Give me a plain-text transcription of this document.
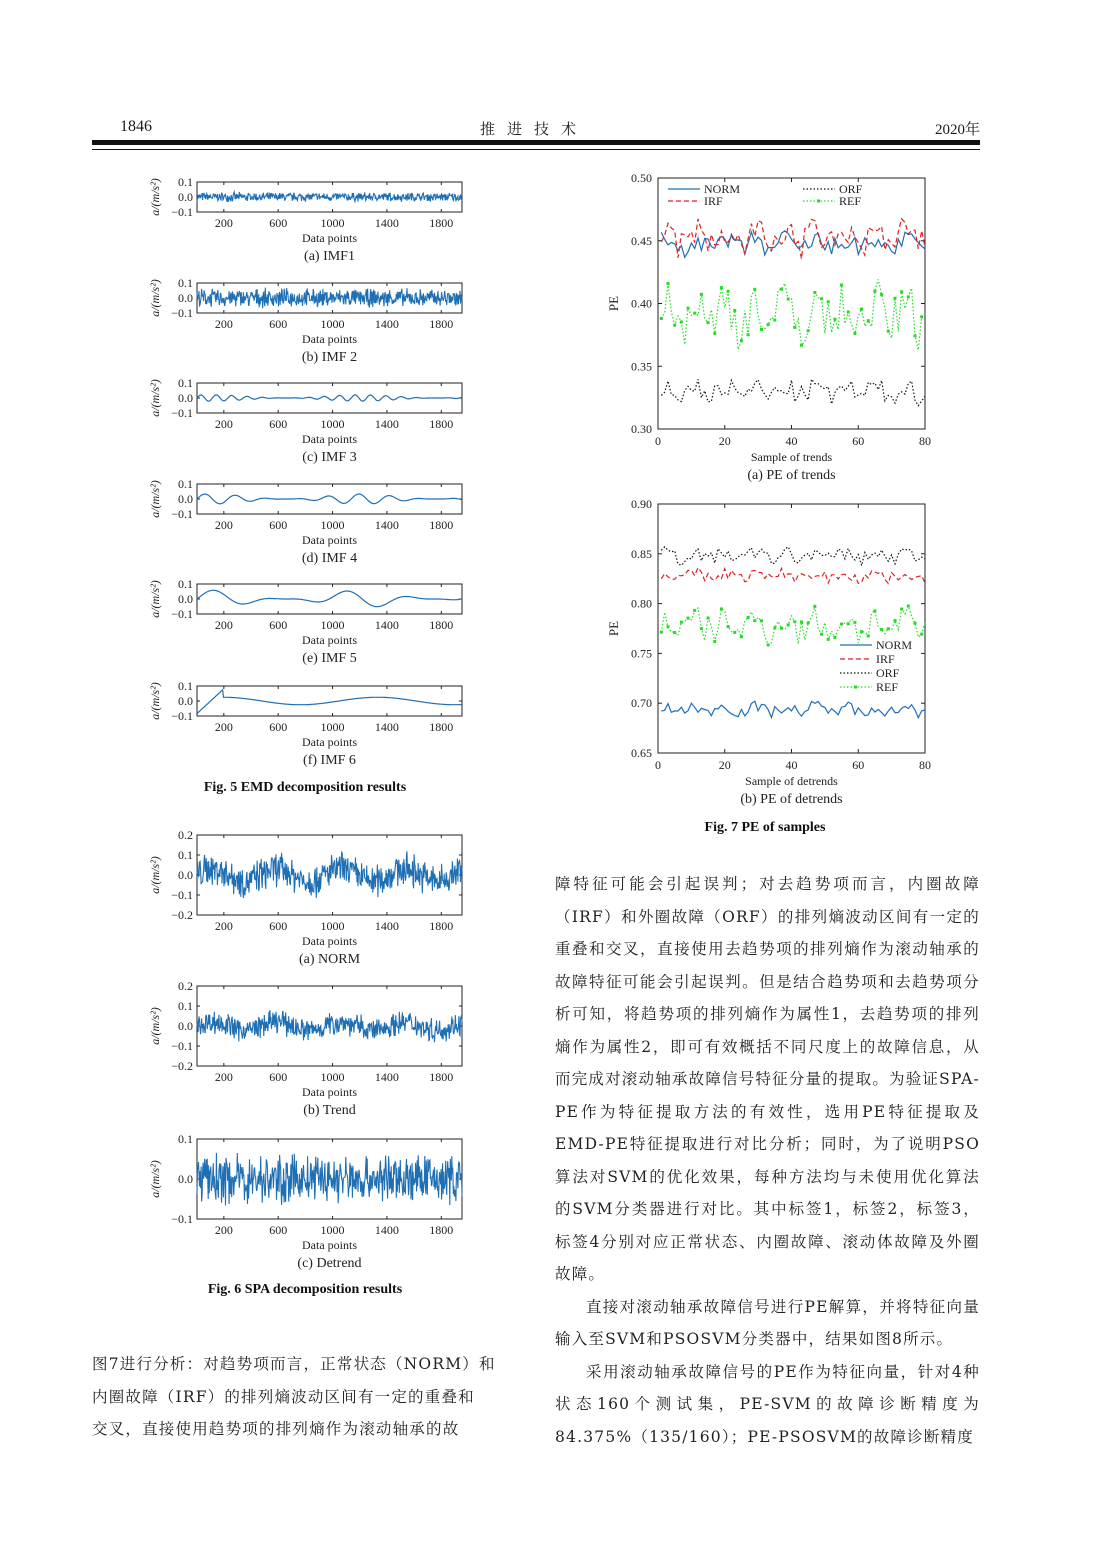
1846	推进技术	2020年
0.1
0.0
−0.1
200	600	1000	1400	1800
Data points
a/(m/s²)
(a) IMF1
0.1
0.0
−0.1
200	600	1000	1400	1800
Data points
a/(m/s²)
(b) IMF 2
0.1
0.0
−0.1
200	600	1000	1400	1800
Data points
a/(m/s²)
(c) IMF 3
0.1
0.0
−0.1
200	600	1000	1400	1800
Data points
a/(m/s²)
(d) IMF 4
0.1
0.0
−0.1
200	600	1000	1400	1800
Data points
a/(m/s²)
(e) IMF 5
0.1
0.0
−0.1
200	600	1000	1400	1800
Data points
a/(m/s²)
(f) IMF 6
Fig. 5 EMD decomposition results
0.2
0.1
0.0
−0.1
−0.2
200	600	1000	1400	1800
Data points
a/(m/s²)
(a) NORM
0.2
0.1
0.0
−0.1
−0.2
200	600	1000	1400	1800
Data points
a/(m/s²)
(b) Trend
0.1
0.0
−0.1
200	600	1000	1400	1800
Data points
a/(m/s²)
(c) Detrend
Fig. 6 SPA decomposition results
0.50
0.45
0.40
0.35
0.30
0	20	40	60	80
Sample of trends
PE
(a) PE of trends
NORM
IRF
ORF
REF
0.90
0.85
0.80
0.75
0.70
0.65
0	20	40	60	80
Sample of detrends
PE
(b) PE of detrends
NORM
IRF
ORF
REF
Fig. 7 PE of samples

图7进行分析：对趋势项而言，正常状态（NORM）和

内圈故障（IRF）的排列熵波动区间有一定的重叠和

交叉，直接使用趋势项的排列熵作为滚动轴承的故

障特征可能会引起误判；对去趋势项而言，内圈故障（IRF）和外圈故障（ORF）的排列熵波动区间有一定的重叠和交叉，直接使用去趋势项的排列熵作为滚动轴承的故障特征可能会引起误判。但是结合趋势项和去趋势项分析可知，将趋势项的排列熵作为属性1，去趋势项的排列熵作为属性2，即可有效概括不同尺度上的故障信息，从而完成对滚动轴承故障信号特征分量的提取。为验证SPA-PE作为特征提取方法的有效性，选用PE特征提取及EMD-PE特征提取进行对比分析；同时，为了说明PSO算法对SVM的优化效果，每种方法均与未使用优化算法的SVM分类器进行对比。其中标签1，标签2，标签3，标签4分别对应正常状态、内圈故障、滚动体故障及外圈故障。

直接对滚动轴承故障信号进行PE解算，并将特征向量输入至SVM和PSOSVM分类器中，结果如图8所示。

采用滚动轴承故障信号的PE作为特征向量，针对4种状态160个测试集，PE-SVM的故障诊断精度为84.375%（135/160）；PE-PSOSVM的故障诊断精度
